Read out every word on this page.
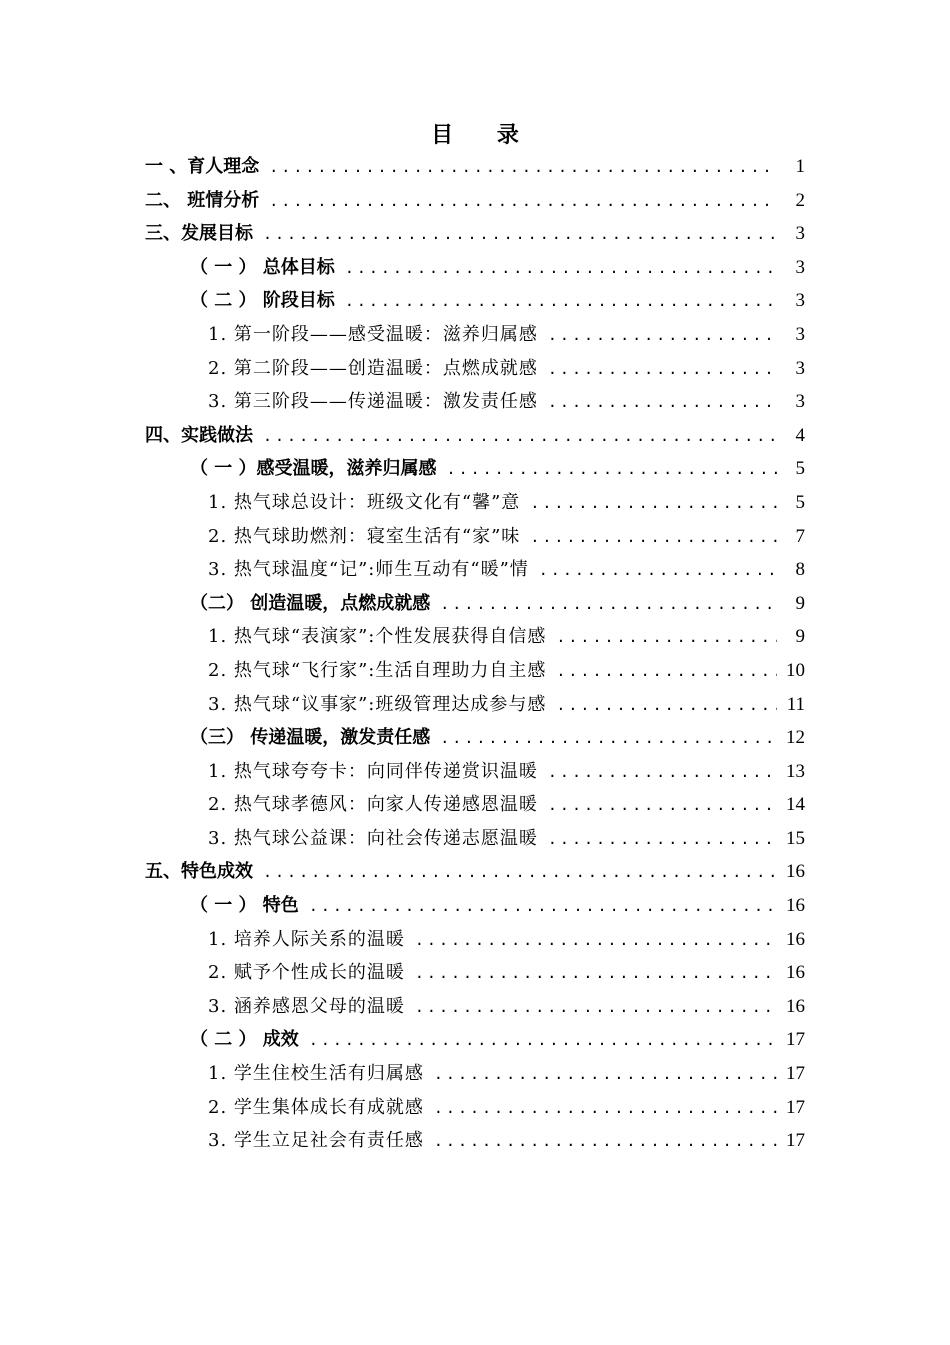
目 录
一 、育人理念 .....	1
二、 班情分析 .....	2
三、发展目标 .....	3
（ 一 ） 总体目标 .....	3
（ 二 ） 阶段目标 .....	3
1. 第一阶段——感受温暖：滋养归属感 .....	3
2. 第二阶段——创造温暖：点燃成就感 .....	3
3. 第三阶段——传递温暖：激发责任感 .....	3
四、实践做法 .....	4
（ 一 ）感受温暖，滋养归属感 .....	5
1. 热气球总设计：班级文化有“馨”意 .....	5
2. 热气球助燃剂：寝室生活有“家”味 .....	7
3. 热气球温度“记”:师生互动有“暖”情 .....	8
（二） 创造温暖，点燃成就感 .....	9
1. 热气球“表演家”:个性发展获得自信感 .....	9
2. 热气球“飞行家”:生活自理助力自主感 .....	10
3. 热气球“议事家”:班级管理达成参与感 .....	11
（三） 传递温暖，激发责任感 .....	12
1. 热气球夸夸卡：向同伴传递赏识温暖 .....	13
2. 热气球孝德风：向家人传递感恩温暖 .....	14
3. 热气球公益课：向社会传递志愿温暖 .....	15
五、特色成效 .....	16
（ 一 ） 特色 .....	16
1. 培养人际关系的温暖 .....	16
2. 赋予个性成长的温暖 .....	16
3. 涵养感恩父母的温暖 .....	16
（ 二 ） 成效 .....	17
1. 学生住校生活有归属感 .....	17
2. 学生集体成长有成就感 .....	17
3. 学生立足社会有责任感 .....	17
